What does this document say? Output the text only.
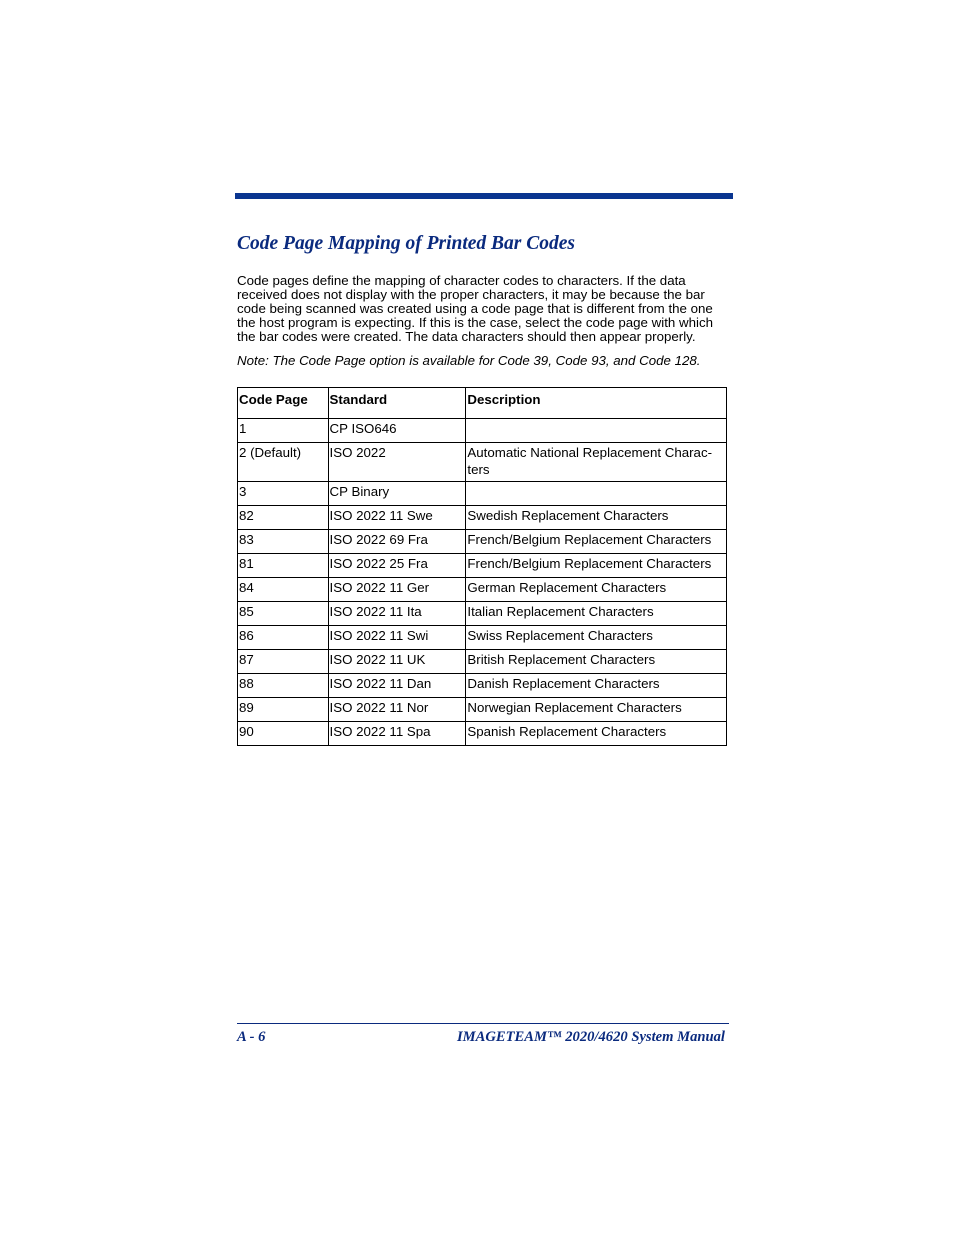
Code Page Mapping of Printed Bar Codes

Code pages define the mapping of character codes to characters. If the data
received does not display with the proper characters, it may be because the bar
code being scanned was created using a code page that is different from the one
the host program is expecting. If this is the case, select the code page with which
the bar codes were created. The data characters should then appear properly.

Note: The Code Page option is available for Code 39, Code 93, and Code 128.

Code Page	Standard	Description
1	CP ISO646	
2 (Default)	ISO 2022	Automatic National Replacement Charac-
ters
3	CP Binary	
82	ISO 2022 11 Swe	Swedish Replacement Characters
83	ISO 2022 69 Fra	French/Belgium Replacement Characters
81	ISO 2022 25 Fra	French/Belgium Replacement Characters
84	ISO 2022 11 Ger	German Replacement Characters
85	ISO 2022 11 Ita	Italian Replacement Characters
86	ISO 2022 11 Swi	Swiss Replacement Characters
87	ISO 2022 11 UK	British Replacement Characters
88	ISO 2022 11 Dan	Danish Replacement Characters
89	ISO 2022 11 Nor	Norwegian Replacement Characters
90	ISO 2022 11 Spa	Spanish Replacement Characters

A - 6	IMAGETEAM™ 2020/4620 System Manual
